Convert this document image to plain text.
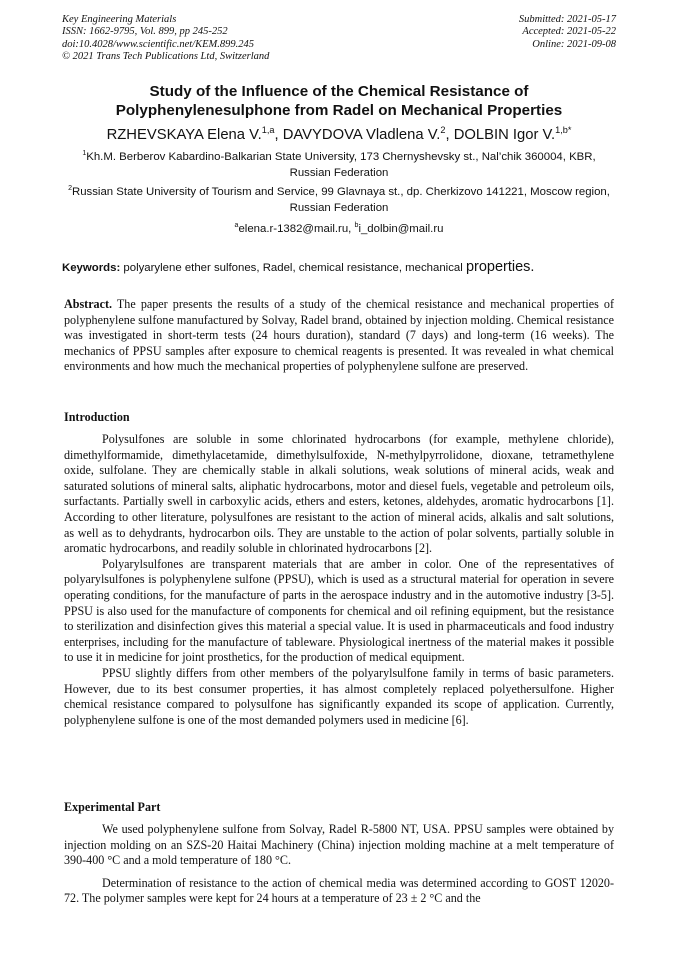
Key Engineering Materials
ISSN: 1662-9795, Vol. 899, pp 245-252
doi:10.4028/www.scientific.net/KEM.899.245
© 2021 Trans Tech Publications Ltd, Switzerland
Submitted: 2021-05-17
Accepted: 2021-05-22
Online: 2021-09-08
Study of the Influence of the Chemical Resistance of
Polyphenylenesulphone from Radel on Mechanical Properties
RZHEVSKAYA Elena V.$^{1,a}$, DAVYDOVA Vladlena V.$^2$, DOLBIN Igor V.$^{1,b*}$
$^1$Kh.M. Berberov Kabardino-Balkarian State University, 173 Chernyshevsky st., Nal’chik 360004, KBR, Russian Federation
$^2$Russian State University of Tourism and Service, 99 Glavnaya st., dp. Cherkizovo 141221, Moscow region, Russian Federation
$^a$elena.r-1382@mail.ru, $^b$i_dolbin@mail.ru
Keywords: polyarylene ether sulfones, Radel, chemical resistance, mechanical properties.

Abstract. The paper presents the results of a study of the chemical resistance and mechanical properties of polyphenylene sulfone manufactured by Solvay, Radel brand, obtained by injection molding. Chemical resistance was investigated in short-term tests (24 hours duration), standard (7 days) and long-term (16 weeks). The mechanics of PPSU samples after exposure to chemical reagents is presented. It was revealed in what chemical environments and how much the mechanical properties of polyphenylene sulfone are preserved.

Introduction

Polysulfones are soluble in some chlorinated hydrocarbons (for example, methylene chloride), dimethylformamide, dimethylacetamide, dimethylsulfoxide, N-methylpyrrolidone, dioxane, tetramethylene oxide, sulfolane. They are chemically stable in alkali solutions, weak solutions of mineral acids, weak and saturated solutions of mineral salts, aliphatic hydrocarbons, motor and diesel fuels, vegetable and petroleum oils, surfactants. Partially swell in carboxylic acids, ethers and esters, ketones, aldehydes, aromatic hydrocarbons [1]. According to other literature, polysulfones are resistant to the action of mineral acids, alkalis and salt solutions, as well as to dehydrants, hydrocarbon oils. They are unstable to the action of polar solvents, partially soluble in aromatic hydrocarbons, and readily soluble in chlorinated hydrocarbons [2].

Polyarylsulfones are transparent materials that are amber in color. One of the representatives of polyarylsulfones is polyphenylene sulfone (PPSU), which is used as a structural material for operation in severe operating conditions, for the manufacture of parts in the aerospace industry and in the automotive industry [3-5]. PPSU is also used for the manufacture of components for chemical and oil refining equipment, but the resistance to sterilization and disinfection gives this material a special value. It is used in pharmaceuticals and food industry enterprises, including for the manufacture of tableware. Physiological inertness of the material makes it possible to use it in medicine for joint prosthetics, for the production of medical equipment.

PPSU slightly differs from other members of the polyarylsulfone family in terms of basic parameters. However, due to its best consumer properties, it has almost completely replaced polyethersulfone. Higher chemical resistance compared to polysulfone has significantly expanded its scope of application. Currently, polyphenylene sulfone is one of the most demanded polymers used in medicine [6].

Experimental Part

We used polyphenylene sulfone from Solvay, Radel R-5800 NT, USA. PPSU samples were obtained by injection molding on an SZS-20 Haitai Machinery (China) injection molding machine at a melt temperature of 390-400 °C and a mold temperature of 180 °C.

Determination of resistance to the action of chemical media was determined according to GOST 12020-72. The polymer samples were kept for 24 hours at a temperature of 23 ± 2 °C and the
